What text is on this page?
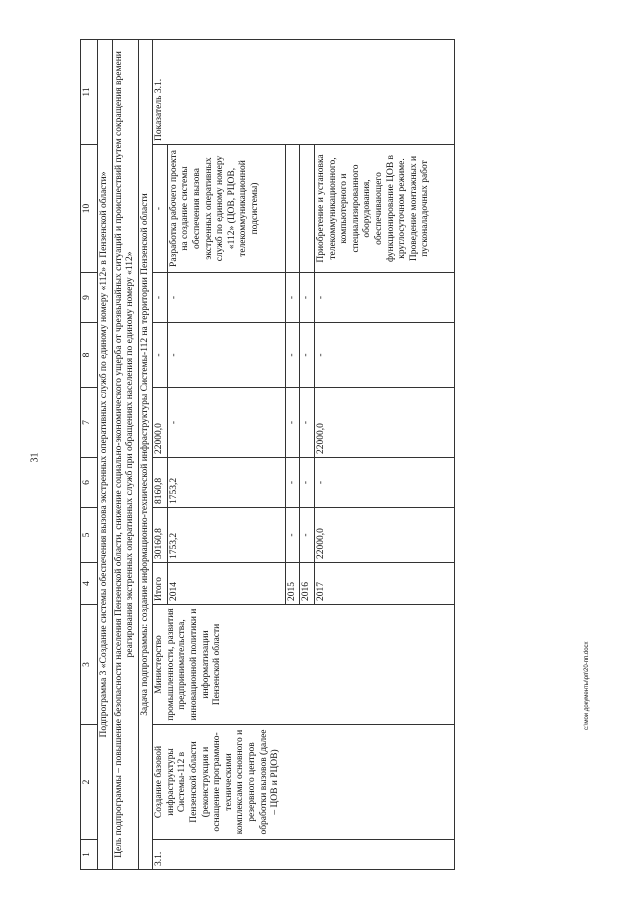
31
1	2	3	4	5	6	7	8	9	10	11
Подпрограмма 3 «Создание системы обеспечения вызова экстренных оперативных служб по единому номеру «112» в Пензенской области»										
Цель подпрограммы – повышение безопасности населения Пензенской области, снижение социально-экономического ущерба от чрезвычайных ситуаций и происшествий путем сокращения времени реагирования экстренных оперативных служб при обращениях населения по единому номеру «112»										
Задача подпрограммы: создание информационно-технической инфраструктуры Системы-112 на территории Пензенской области										
3.1.	Создание базовой инфраструктуры Системы-112 в Пензенской области (реконструкция и оснащение программно-техническими комплексами основного и резервного центров обработки вызовов (далее – ЦОВ и РЦОВ)	Министерство промышленности, развития предпринимательства, инновационной политики и информатизации Пензенской области	Итого	30160,8	8160,8	22000,0	-	-	-	Показатель 3.1.
			2014	1753,2	1753,2	-	-	-	Разработка рабочего проекта на создание системы обеспечения вызова экстренных оперативных служб по единому номеру «112» (ЦОВ, РЦОВ, телекоммуникационной подсистемы)	
			2015	-	-	-	-	-		
			2016	-	-	-	-	-		
			2017	22000,0	-	22000,0	-	-	Приобретение и установка телекоммуникационного, компьютерного и специализированного оборудования, обеспечивающего функционирование ЦОВ в круглосуточном режиме. Проведение монтажных и пусконаладочных работ	
c:\мои документы\рп\20-пп.docx
